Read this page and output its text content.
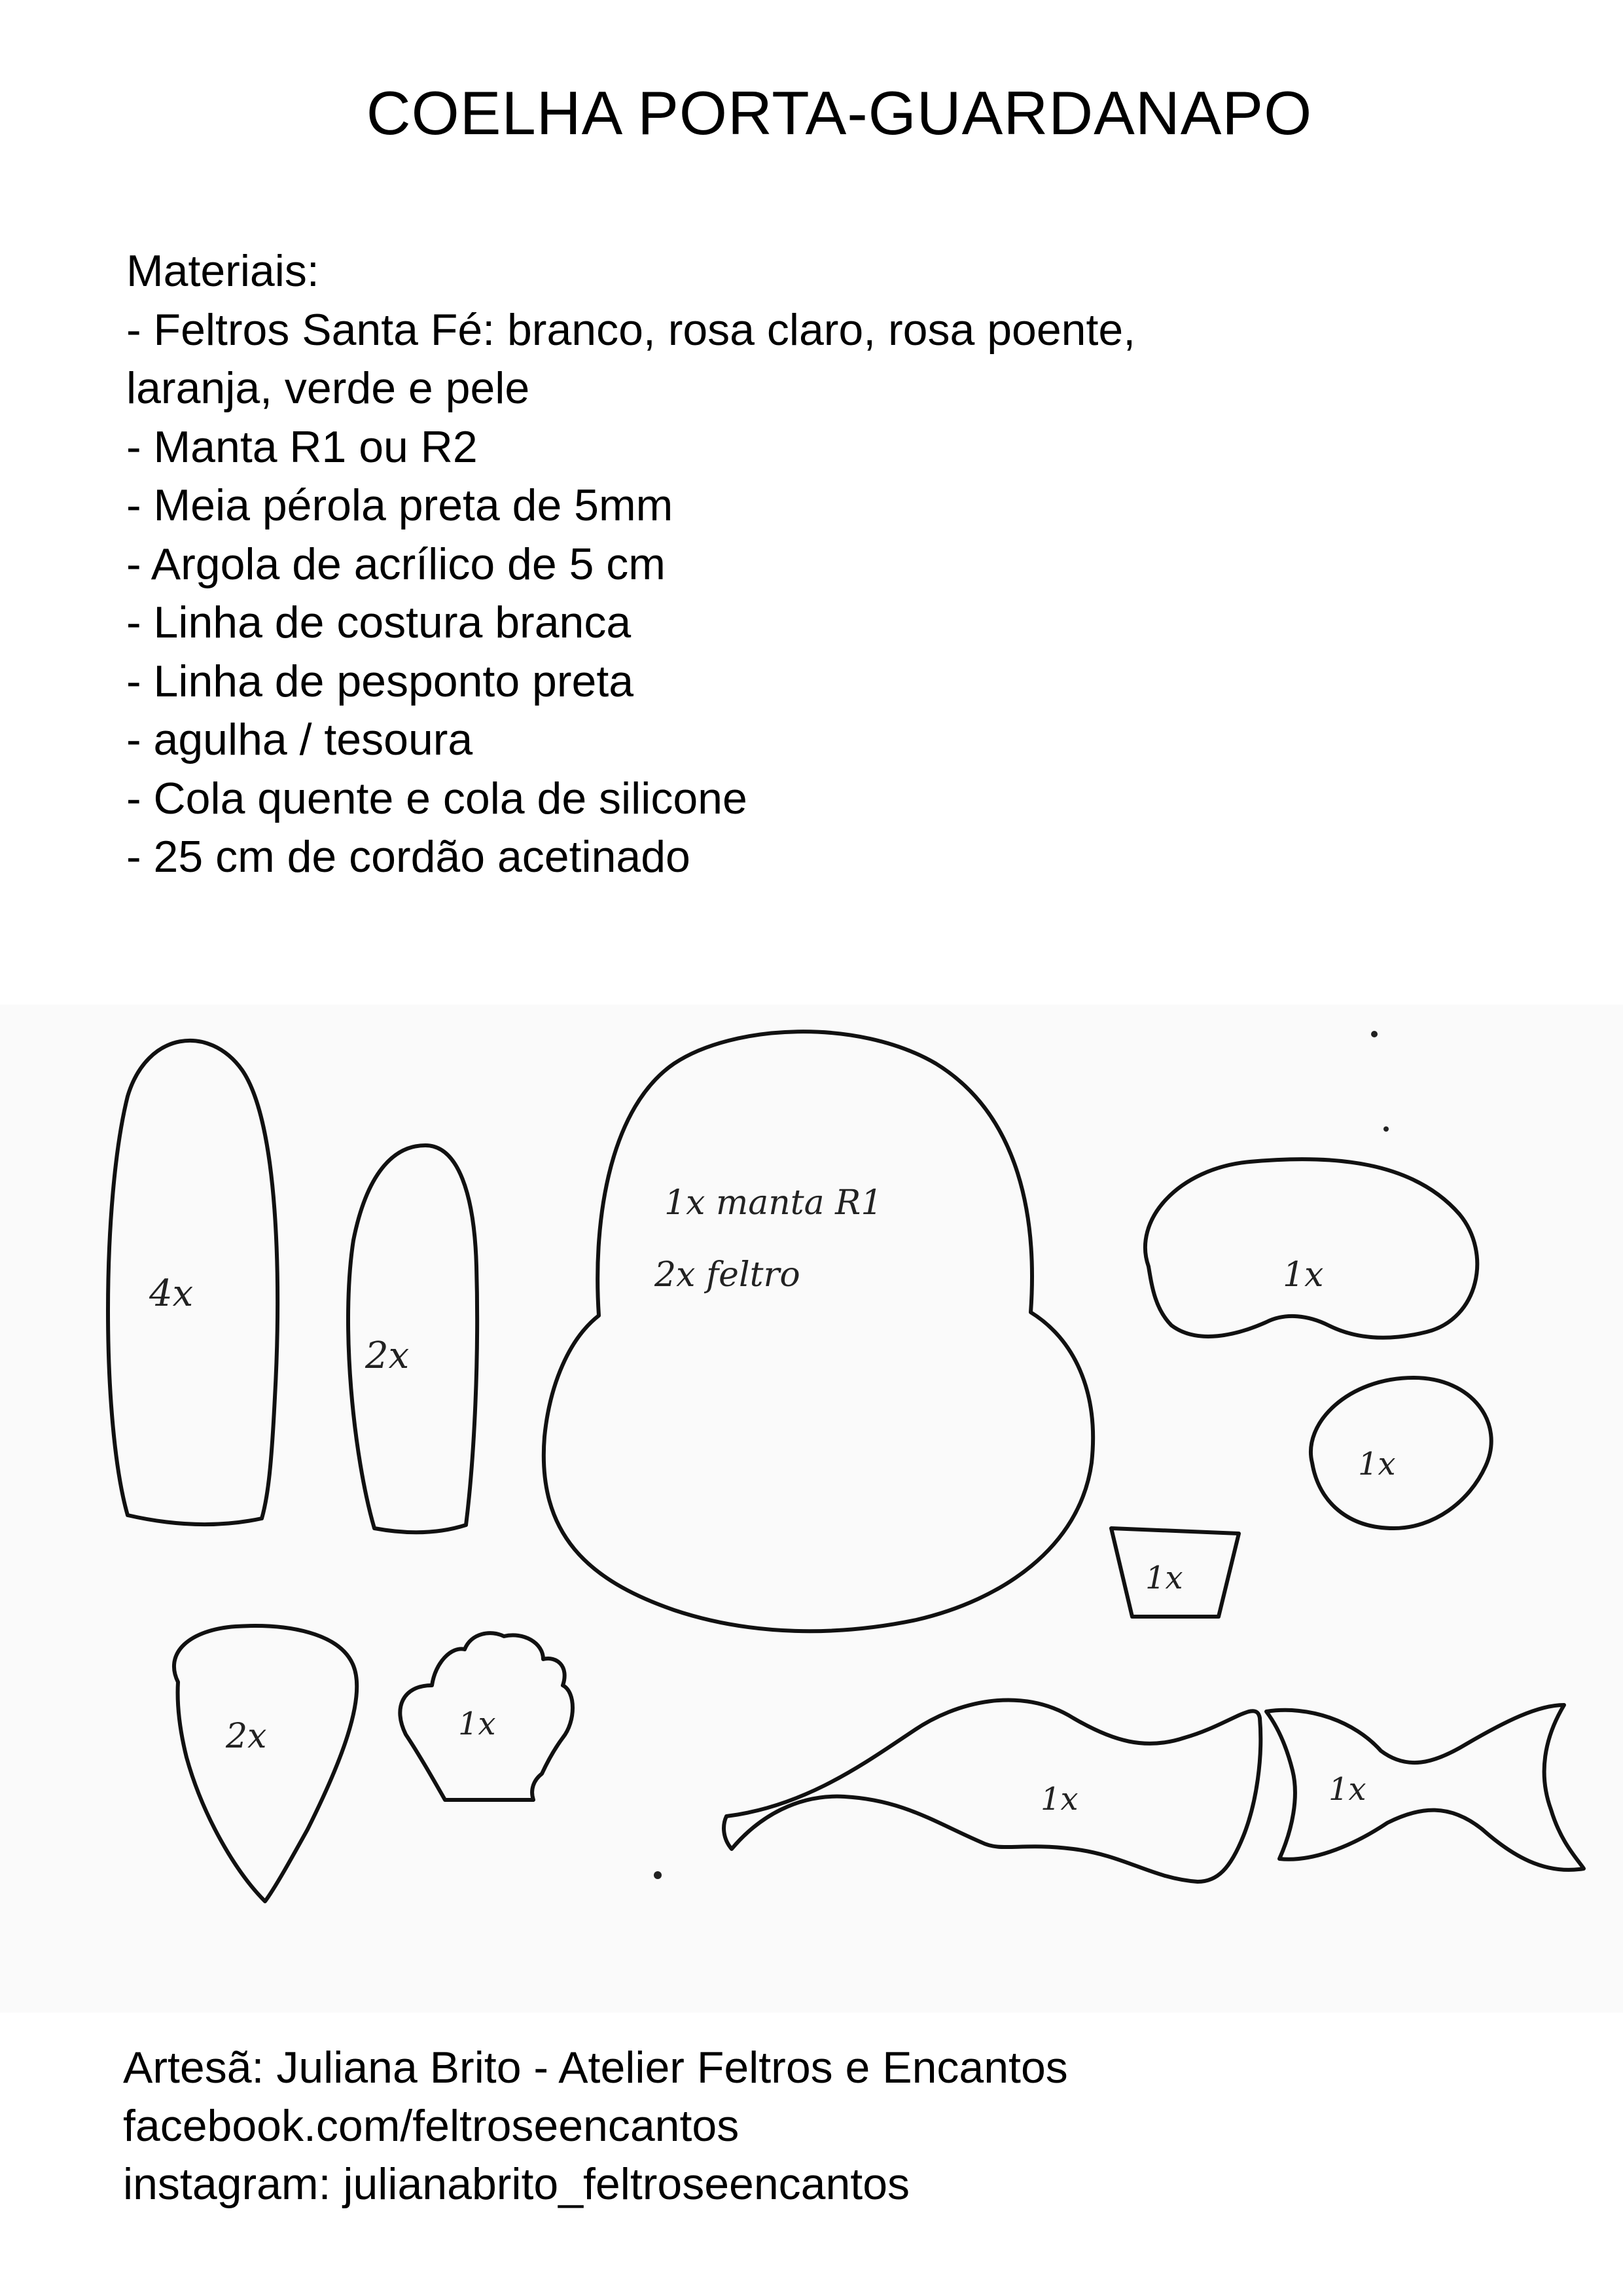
COELHA PORTA-GUARDANAPO
Materiais:
- Feltros Santa Fé: branco, rosa claro, rosa poente,
laranja, verde e pele
- Manta R1 ou R2
- Meia pérola preta de 5mm
- Argola de acrílico de 5 cm
- Linha de costura branca
- Linha de pesponto preta
- agulha / tesoura
- Cola quente e cola de silicone
- 25 cm de cordão acetinado
4x
2x
1x manta R1
2x feltro	1x
1x
1x
2x	1x
1x	1x
Artesã: Juliana Brito - Atelier Feltros e Encantos
facebook.com/feltroseencantos
instagram: julianabrito_feltroseencantos
